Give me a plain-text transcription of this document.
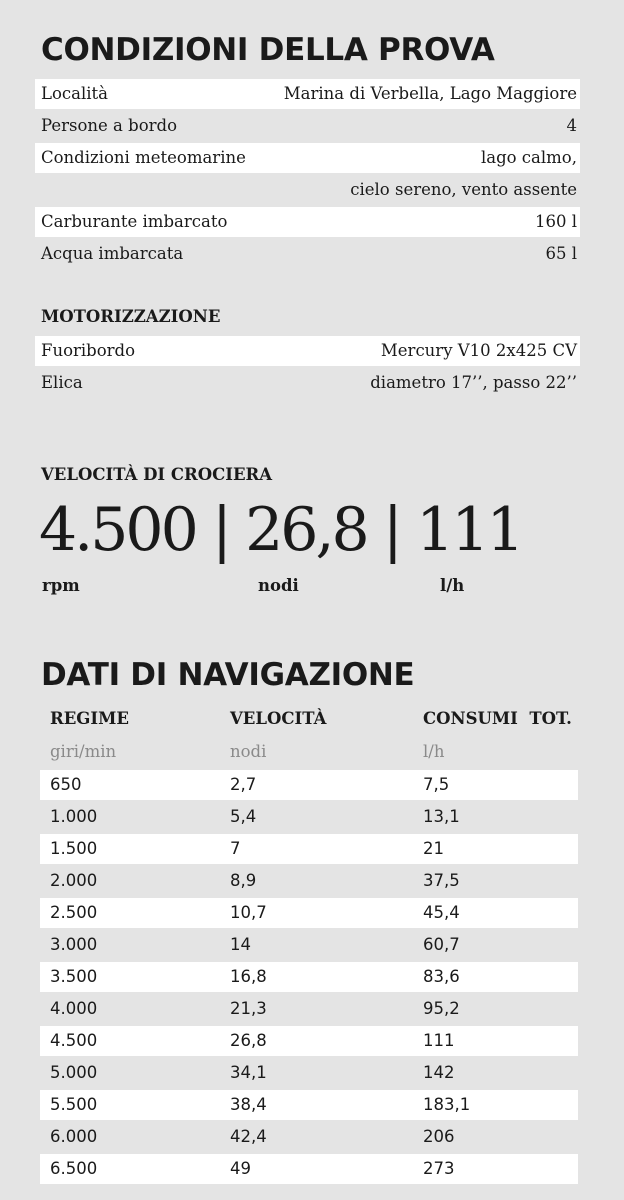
CONDIZIONI DELLA PROVA
Località	Marina di Verbella, Lago Maggiore
Persone a bordo	4
Condizioni meteomarine	lago calmo,
cielo sereno, vento assente
Carburante imbarcato	160 l
Acqua imbarcata	65 l
MOTORIZZAZIONE
Fuoribordo	Mercury V10 2x425 CV
Elica	diametro 17’’, passo 22’’
VELOCITÀ DI CROCIERA
4.500 | 26,8 | 111
rpm	nodi	l/h
DATI DI NAVIGAZIONE
REGIME	VELOCITÀ	CONSUMI  TOT.
giri/min	nodi	l/h
650	2,7	7,5
1.000	5,4	13,1
1.500	7	21
2.000	8,9	37,5
2.500	10,7	45,4
3.000	14	60,7
3.500	16,8	83,6
4.000	21,3	95,2
4.500	26,8	111
5.000	34,1	142
5.500	38,4	183,1
6.000	42,4	206
6.500	49	273
